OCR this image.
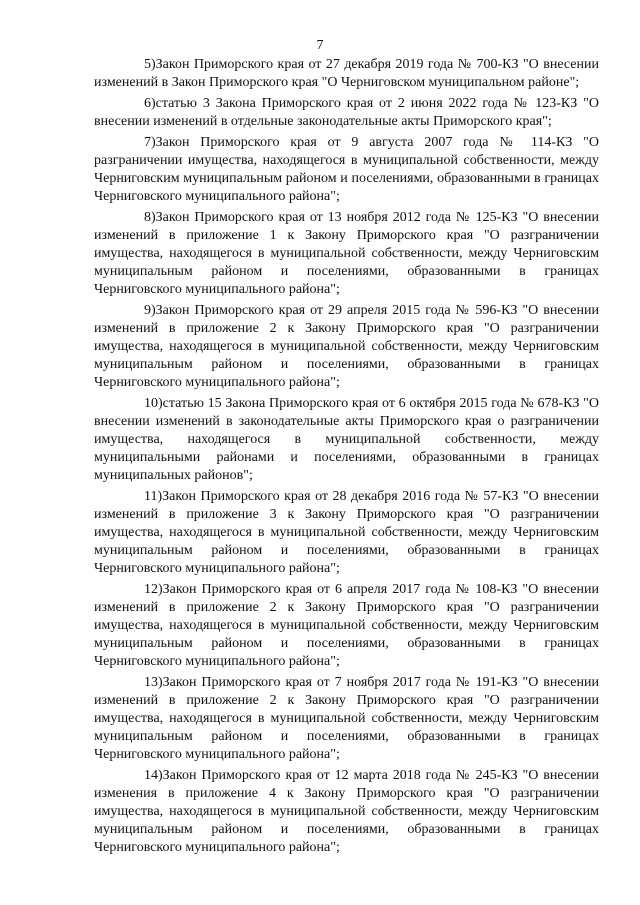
7

5)Закон Приморского края от 27 декабря 2019 года № 700-КЗ "О внесении изменений в Закон Приморского края "О Черниговском муниципальном районе";

6)статью 3 Закона Приморского края от 2 июня 2022 года № 123-КЗ "О внесении изменений в отдельные законодательные акты Приморского края";

7)Закон Приморского края от 9 августа 2007 года № 114-КЗ "О разграничении имущества, находящегося в муниципальной собственности, между Черниговским муниципальным районом и поселениями, образованными в границах Черниговского муниципального района";

8)Закон Приморского края от 13 ноября 2012 года № 125-КЗ "О внесении изменений в приложение 1 к Закону Приморского края "О разграничении имущества, находящегося в муниципальной собственности, между Черниговским муниципальным районом и поселениями, образованными в границах Черниговского муниципального района";

9)Закон Приморского края от 29 апреля 2015 года № 596-КЗ "О внесении изменений в приложение 2 к Закону Приморского края "О разграничении имущества, находящегося в муниципальной собственности, между Черниговским муниципальным районом и поселениями, образованными в границах Черниговского муниципального района";

10)статью 15 Закона Приморского края от 6 октября 2015 года № 678-КЗ "О внесении изменений в законодательные акты Приморского края о разграничении имущества, находящегося в муниципальной собственности, между муниципальными районами и поселениями, образованными в границах муниципальных районов";

11)Закон Приморского края от 28 декабря 2016 года № 57-КЗ "О внесении изменений в приложение 3 к Закону Приморского края "О разграничении имущества, находящегося в муниципальной собственности, между Черниговским муниципальным районом и поселениями, образованными в границах Черниговского муниципального района";

12)Закон Приморского края от 6 апреля 2017 года № 108-КЗ "О внесении изменений в приложение 2 к Закону Приморского края "О разграничении имущества, находящегося в муниципальной собственности, между Черниговским муниципальным районом и поселениями, образованными в границах Черниговского муниципального района";

13)Закон Приморского края от 7 ноября 2017 года № 191-КЗ "О внесении изменений в приложение 2 к Закону Приморского края "О разграничении имущества, находящегося в муниципальной собственности, между Черниговским муниципальным районом и поселениями, образованными в границах Черниговского муниципального района";

14)Закон Приморского края от 12 марта 2018 года № 245-КЗ "О внесении изменения в приложение 4 к Закону Приморского края "О разграничении имущества, находящегося в муниципальной собственности, между Черниговским муниципальным районом и поселениями, образованными в границах Черниговского муниципального района";
